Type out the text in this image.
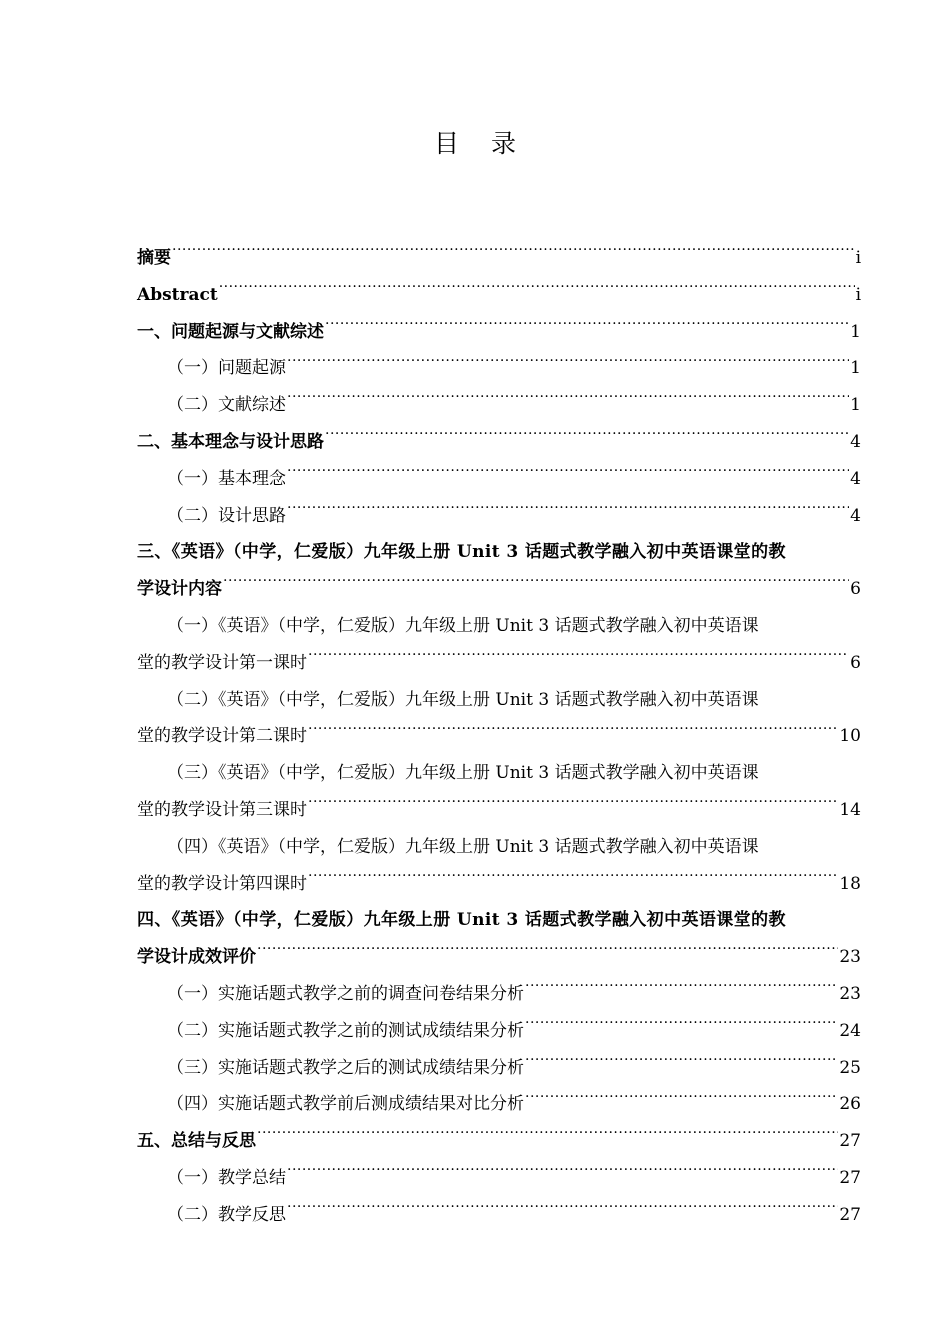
目 录
摘要 .....	i
Abstract .....	i
一、问题起源与文献综述 .....	1
（一）问题起源 .....	1
（二）文献综述 .....	1
二、基本理念与设计思路 .....	4
（一）基本理念 .....	4
（二）设计思路 .....	4
三、《英语》（中学，仁爱版）九年级上册 Unit 3 话题式教学融入初中英语课堂的教
学设计内容 .....	6
（一）《英语》（中学，仁爱版）九年级上册 Unit 3 话题式教学融入初中英语课
堂的教学设计第一课时 .....	6
（二）《英语》（中学，仁爱版）九年级上册 Unit 3 话题式教学融入初中英语课
堂的教学设计第二课时 .....	10
（三）《英语》（中学，仁爱版）九年级上册 Unit 3 话题式教学融入初中英语课
堂的教学设计第三课时 .....	14
（四）《英语》（中学，仁爱版）九年级上册 Unit 3 话题式教学融入初中英语课
堂的教学设计第四课时 .....	18
四、《英语》（中学，仁爱版）九年级上册 Unit 3 话题式教学融入初中英语课堂的教
学设计成效评价 .....	23
（一）实施话题式教学之前的调查问卷结果分析 .....	23
（二）实施话题式教学之前的测试成绩结果分析 .....	24
（三）实施话题式教学之后的测试成绩结果分析 .....	25
（四）实施话题式教学前后测成绩结果对比分析 .....	26
五、总结与反思 .....	27
（一）教学总结 .....	27
（二）教学反思 .....	27
